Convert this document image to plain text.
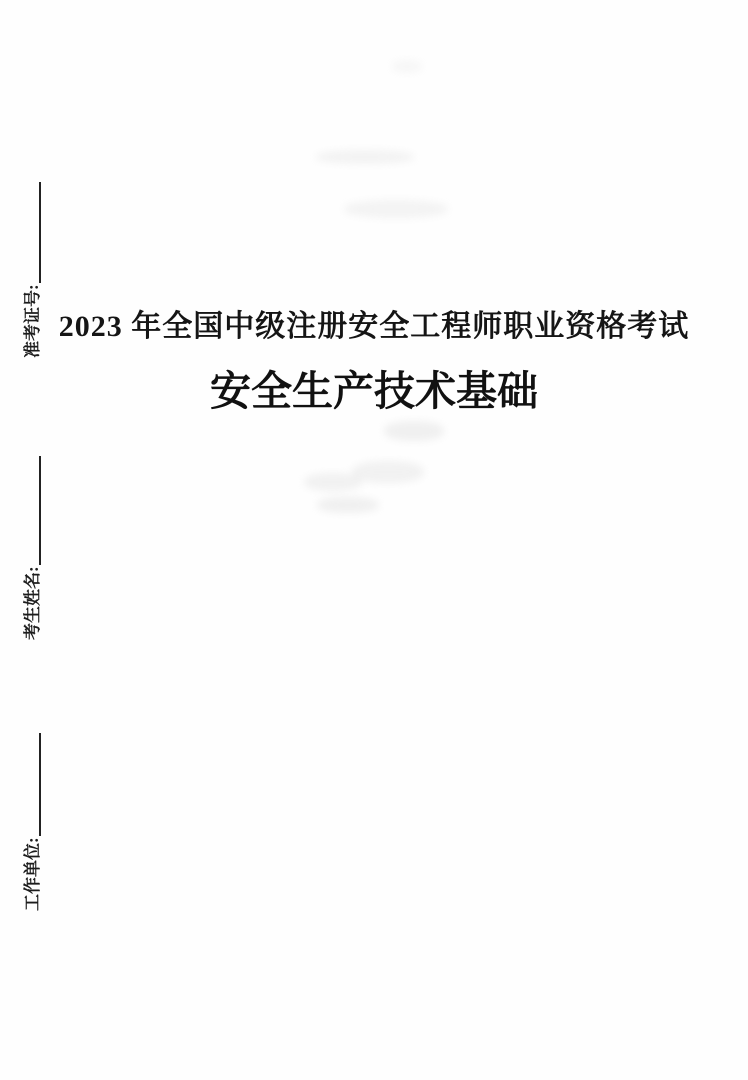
2023 年全国中级注册安全工程师职业资格考试
安全生产技术基础
准考证号:
考生姓名:
工作单位:
